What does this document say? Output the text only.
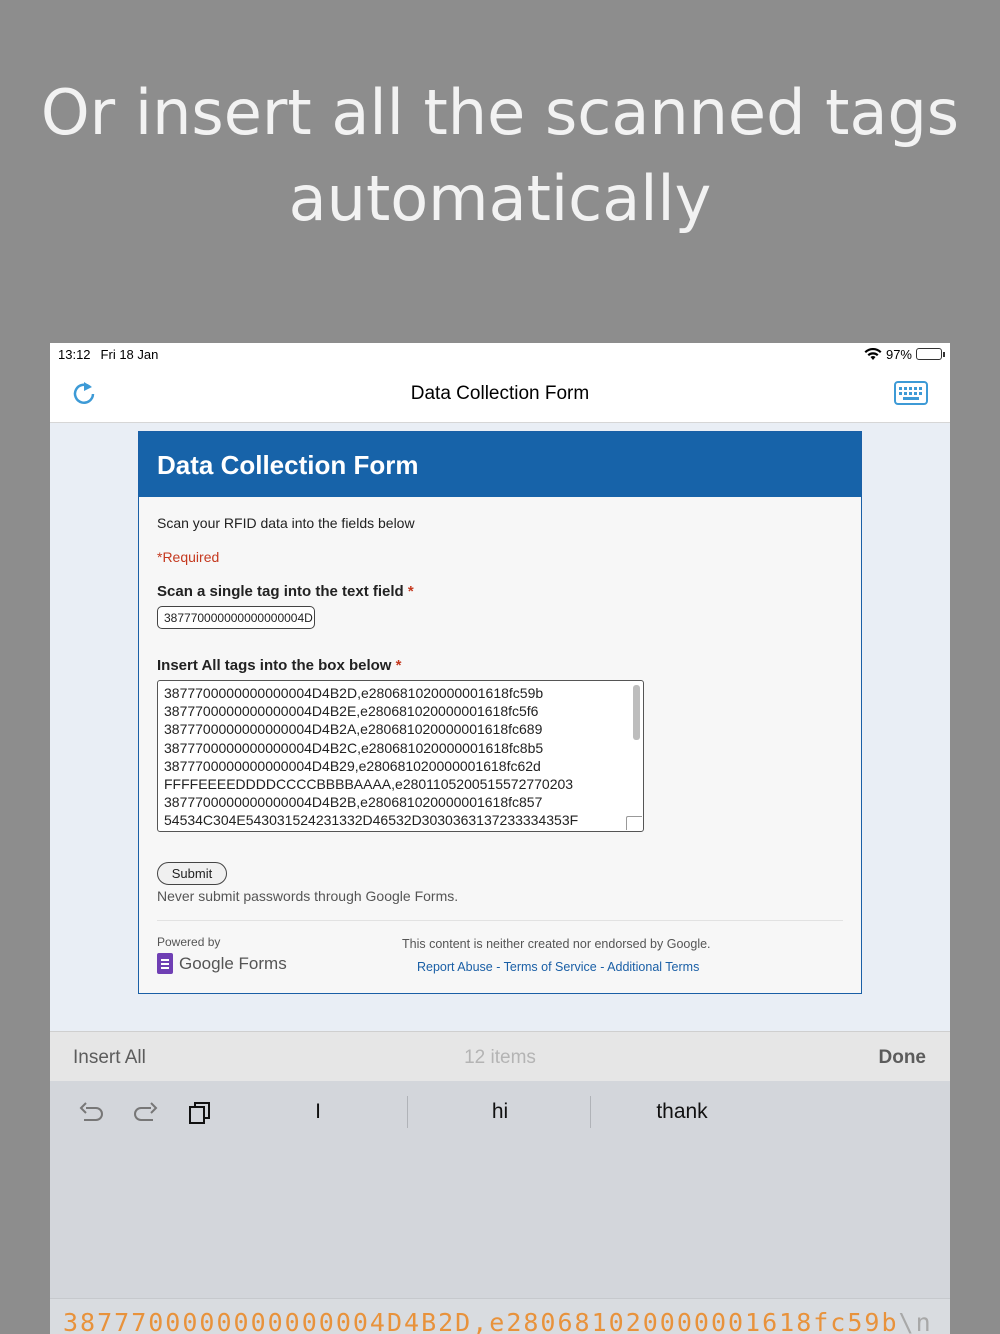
Or insert all the scanned tags
automatically
13:12 Fri 18 Jan	97%
Data Collection Form
Data Collection Form
Scan your RFID data into the fields below
*Required
Scan a single tag into the text field *
387770000000000000004D
Insert All tags into the box below *
3877700000000000004D4B2D,e280681020000001618fc59b
3877700000000000004D4B2E,e280681020000001618fc5f6
3877700000000000004D4B2A,e280681020000001618fc689
3877700000000000004D4B2C,e280681020000001618fc8b5
3877700000000000004D4B29,e280681020000001618fc62d
FFFFEEEEDDDDCCCCBBBBAAAA,e2801105200515572770203
3877700000000000004D4B2B,e280681020000001618fc857
54534C304E543031524231332D46532D3030363137233334353F
Submit
Never submit passwords through Google Forms.
Powered by
Google Forms
This content is neither created nor endorsed by Google.
Report Abuse - Terms of Service - Additional Terms
Insert All	12 items	Done
I	hi	thank
3877700000000000004D4B2D,e280681020000001618fc59b\n
